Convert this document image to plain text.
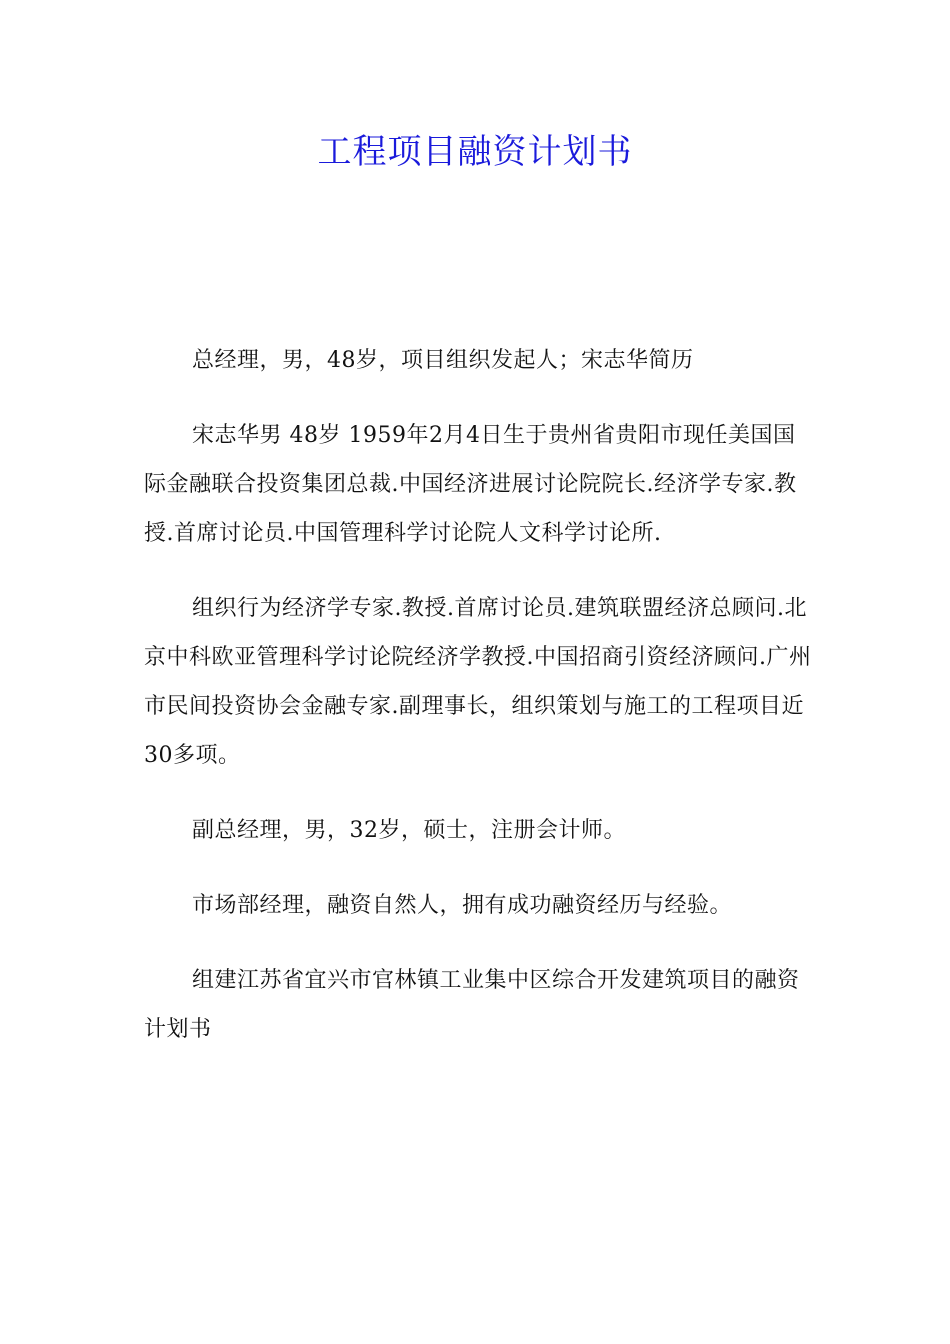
工程项目融资计划书

总经理，男，48岁，项目组织发起人；宋志华简历

宋志华男 48岁 1959年2月4日生于贵州省贵阳市现任美国国际金融联合投资集团总裁.中国经济进展讨论院院长.经济学专家.教授.首席讨论员.中国管理科学讨论院人文科学讨论所.

组织行为经济学专家.教授.首席讨论员.建筑联盟经济总顾问.北京中科欧亚管理科学讨论院经济学教授.中国招商引资经济顾问.广州市民间投资协会金融专家.副理事长，组织策划与施工的工程项目近30多项。

副总经理，男，32岁，硕士，注册会计师。

市场部经理，融资自然人，拥有成功融资经历与经验。

组建江苏省宜兴市官林镇工业集中区综合开发建筑项目的融资计划书
